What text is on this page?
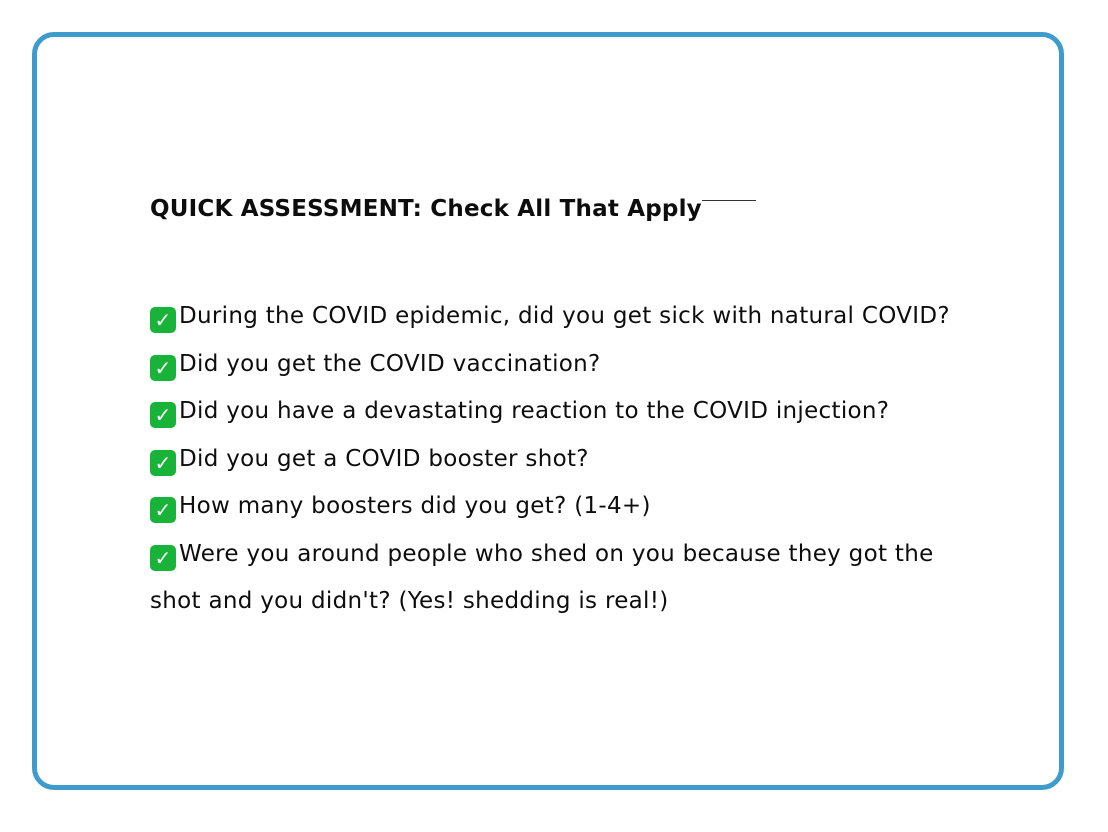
QUICK ASSESSMENT: Check All That Apply

✓ During the COVID epidemic, did you get sick with natural COVID?
✓ Did you get the COVID vaccination?
✓ Did you have a devastating reaction to the COVID injection?
✓ Did you get a COVID booster shot?
✓ How many boosters did you get? (1-4+)
✓ Were you around people who shed on you because they got the shot and you didn't? (Yes! shedding is real!)
